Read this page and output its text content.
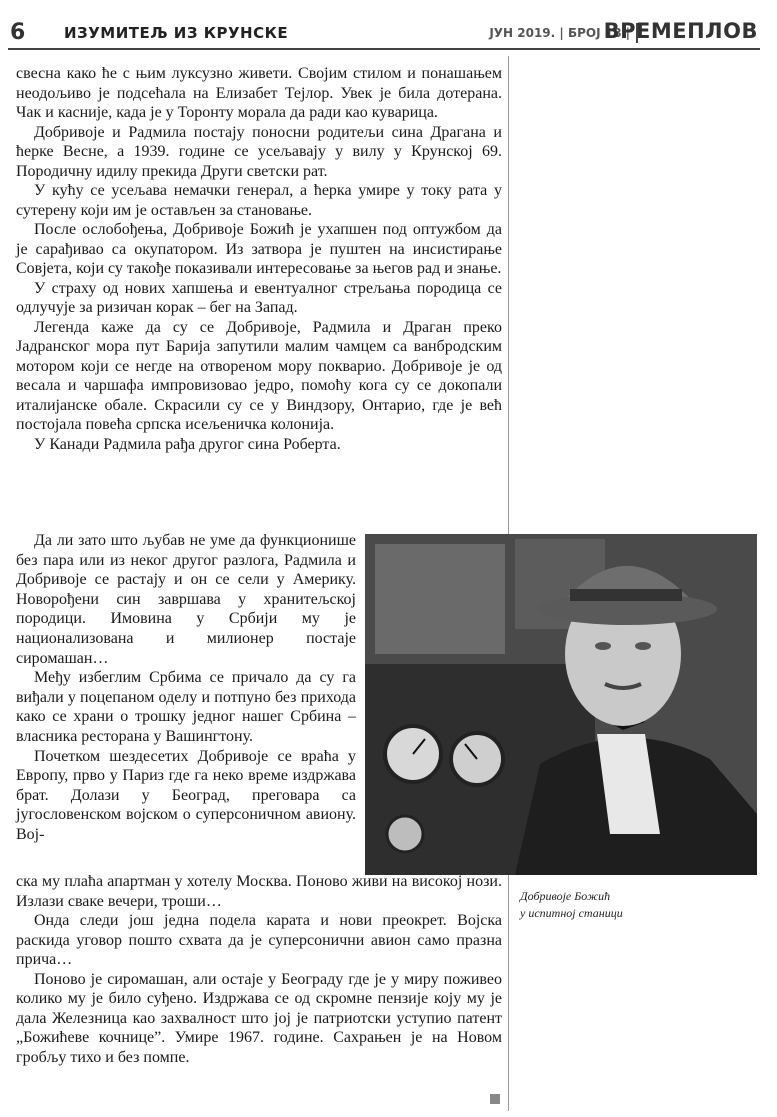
6	ИЗУМИТЕЉ ИЗ КРУНСКЕ	ЈУН 2019. | БРОЈ 18 |
ВРЕМЕПЛОВ

свесна како ће с њим луксузно живети. Својим стилом и понашањем неодољиво је подсећала на Елизабет Тејлор. Увек је била дотерана. Чак и касније, када је у Торонту морала да ради као куварица.

Добривоје и Радмила постају поносни родитељи сина Драгана и ћерке Весне, а 1939. године се усељавају у вилу у Крунској 69. Породичну идилу прекида Други светски рат.

У кућу се усељава немачки генерал, а ћерка умире у току рата у сутерену који им је остављен за становање.

После ослобођења, Добривоје Божић је ухапшен под оптужбом да је сарађивао са окупатором. Из затвора је пуштен на инсистирање Совјета, који су такође показивали интересовање за његов рад и знање.

У страху од нових хапшења и евентуалног стрељања породица се одлучује за ризичан корак – бег на Запад.

Легенда каже да су се Добривоје, Радмила и Драган преко Јадранског мора пут Барија запутили малим чамцем са ванбродским мотором који се негде на отвореном мору покварио. Добривоје је од весала и чаршафа импровизовао једро, помоћу кога су се докопали италијанске обале. Скрасили су се у Виндзору, Онтарио, где је већ постојала повећа српска исељеничка колонија.

У Канади Радмила рађа другог сина Роберта.

Да ли зато што љубав не уме да функционише без пара или из неког другог разлога, Радмила и Добривоје се растају и он се сели у Америку. Новорођени син завршава у хранитељској породици. Имовина у Србији му је национализована и милионер постаје сиромашан…

Међу избеглим Србима се причало да су га виђали у поцепаном оделу и потпуно без прихода како се храни о трошку једног нашег Србина – власника ресторана у Вашингтону.

Почетком шездесетих Добривоје се враћа у Европу, прво у Париз где га неко време издржава брат. Долази у Београд, преговара са југословенском војском о суперсоничном авиону. Вој-

Добривоје Божић
у испитној станици

ска му плаћа апартман у хотелу Москва. Поново живи на високој нози. Излази сваке вечери, троши…

Онда следи још једна подела карата и нови преокрет. Војска раскида уговор пошто схвата да је суперсонични авион само празна прича…

Поново је сиромашан, али остаје у Београду где је у миру поживео колико му је било суђено. Издржава се од скромне пензије коју му је дала Железница као захвалност што јој је патриотски уступио патент „Божићеве кочнице”. Умире 1967. године. Сахрањен је на Новом гробљу тихо и без помпе.
